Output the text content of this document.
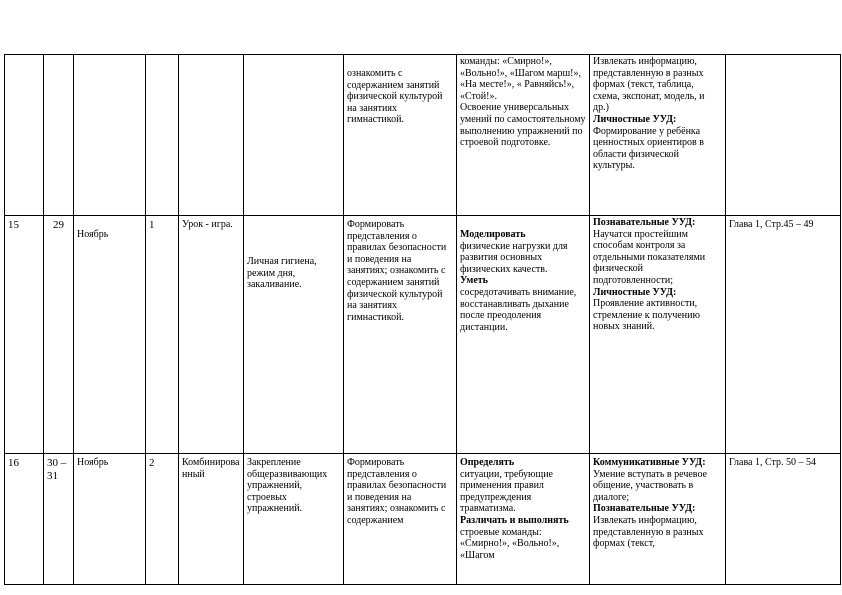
						ознакомить с содержанием занятий физической культурой на занятиях гимнастикой.	команды: «Смирно!», «Вольно!», «Шагом марш!», «На месте!», « Равняйсь!», «Стой!».
Освоение универсальных умений по самостоятельному выполнению упражнений по строевой подготовке.	Извлекать информацию, представленную в разных формах (текст, таблица, схема, экспонат, модель, и др.)
Личностные УУД:
Формирование у ребёнка ценностных ориентиров в области физической культуры.	

15	29	Ноябрь	1	Урок - игра.	Личная гигиена, режим дня, закаливание.	Формировать представления о правилах безопасности и поведения на занятиях; ознакомить с содержанием занятий физической культурой на занятиях гимнастикой.	Моделировать
физические нагрузки для развития основных физических качеств.
Уметь
сосредотачивать внимание, восстанавливать дыхание после преодоления дистанции.	Познавательные УУД:
Научатся простейшим способам контроля за отдельными показателями физической подготовленности;
Личностные УУД:
Проявление активности, стремление к получению новых знаний.	Глава 1, Стр.45 – 49
16	30 – 31	Ноябрь	2	Комбинированный	Закрепление общеразвивающих упражнений, строевых упражнений.	Формировать представления о правилах безопасности и поведения на занятиях; ознакомить с содержанием	Определять
ситуации, требующие применения правил предупреждения травматизма.
Различать и выполнять
строевые команды: «Смирно!», «Вольно!», «Шагом	Коммуникативные УУД:
Умение вступать в речевое общение, участвовать в диалоге;
Познавательные УУД:
Извлекать информацию, представленную в разных формах (текст,	Глава 1, Стр. 50 – 54
